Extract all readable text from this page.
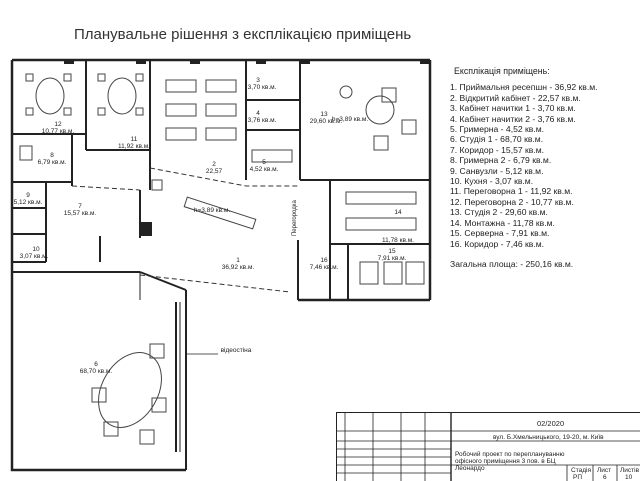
Планувальне рішення з експлікацією приміщень
12
10,77 кв.м.
11
11,92 кв.м.
3
3,70 кв.м.
4
3,76 кв.м.
2
22,57
5
4,52 кв.м.
13
29,60 кв.м.
8
6,79 кв.м.
9
5,12 кв.м.
10
3,07 кв.м.
7
15,57 кв.м.
1
36,92 кв.м.
16
7,46 кв.м.
14
11,78 кв.м.
15
7,91 кв.м.
6
68,70 кв.м.
h=3,89 кв.м.
h=3,89 кв.м.
відеостіна
Перегородка
Експлікація приміщень:
1. Приймальня ресепшн - 36,92 кв.м.
2. Відкритий кабінет - 22,57 кв.м.
3. Кабінет начитки 1 - 3,70 кв.м.
4. Кабінет начитки 2 - 3,76 кв.м.
5. Гримерна - 4,52 кв.м.
6. Студія 1 - 68,70 кв.м.
7. Коридор - 15,57 кв.м.
8. Гримерна 2 - 6,79 кв.м.
9. Санвузли - 5,12 кв.м.
10. Кухня - 3,07 кв.м.
11. Переговорна 1 - 11,92 кв.м.
12. Переговорна 2 - 10,77 кв.м.
13. Студія 2 - 29,60 кв.м.
14. Монтажна - 11,78 кв.м.
15. Серверна - 7,91 кв.м.
16. Коридор - 7,46 кв.м.
Загальна площа: - 250,16 кв.м.
02/2020
вул. Б.Хмельницького, 19-20, м. Київ
Робочий проект по переплануванню офісного приміщення 3 пов. в БЦ Леонардо	Стадія Лист Листів
РП	6	10
